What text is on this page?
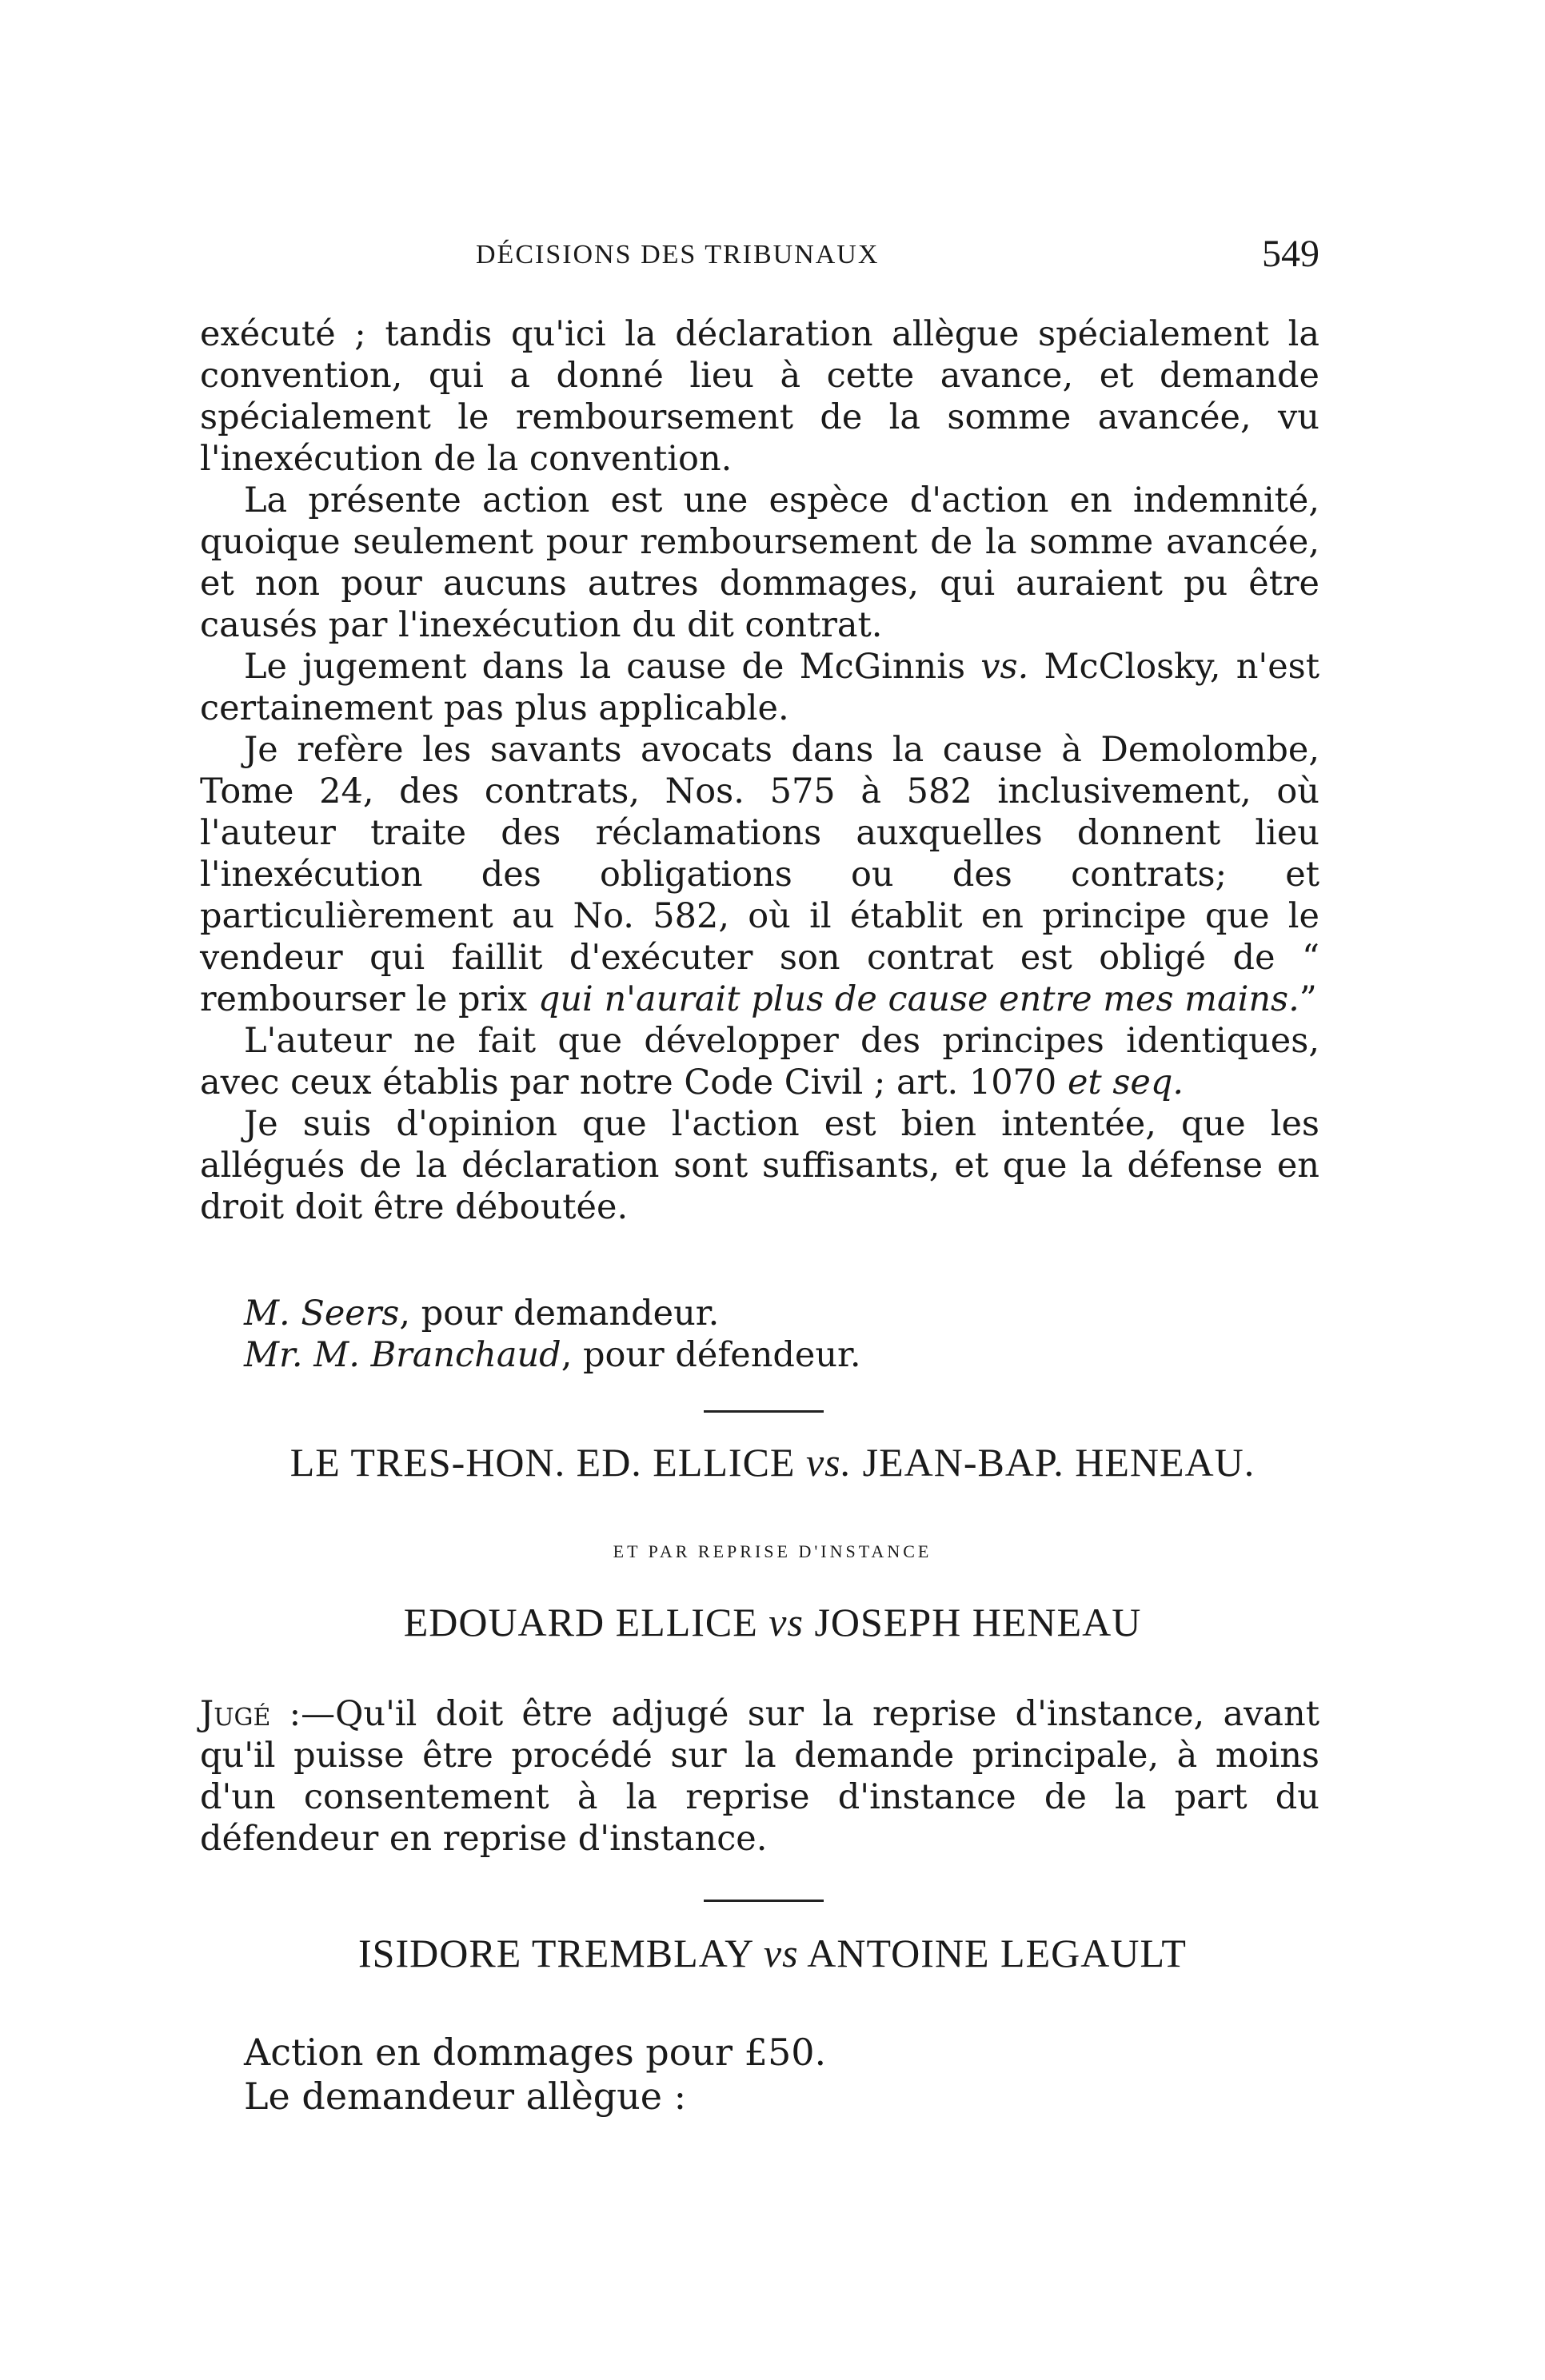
DÉCISIONS DES TRIBUNAUX	549

exécuté ; tandis qu'ici la déclaration allègue spécialement la convention, qui a donné lieu à cette avance, et demande spécialement le remboursement de la somme avancée, vu l'inexécution de la convention.

La présente action est une espèce d'action en indemnité, quoique seulement pour remboursement de la somme avancée, et non pour aucuns autres dommages, qui auraient pu être causés par l'inexécution du dit contrat.

Le jugement dans la cause de McGinnis vs. McClosky, n'est certainement pas plus applicable.

Je refère les savants avocats dans la cause à Demolombe, Tome 24, des contrats, Nos. 575 à 582 inclusivement, où l'auteur traite des réclamations auxquelles donnent lieu l'inexécution des obligations ou des contrats; et particulièrement au No. 582, où il établit en principe que le vendeur qui faillit d'exécuter son contrat est obligé de “ rembourser le prix qui n'aurait plus de cause entre mes mains.”

L'auteur ne fait que développer des principes identiques, avec ceux établis par notre Code Civil ; art. 1070 et seq.

Je suis d'opinion que l'action est bien intentée, que les allégués de la déclaration sont suffisants, et que la défense en droit doit être déboutée.

M. Seers, pour demandeur.
Mr. M. Branchaud, pour défendeur.
LE TRES-HON. ED. ELLICE vs. JEAN-BAP. HENEAU.
ET PAR REPRISE D'INSTANCE
EDOUARD ELLICE vs JOSEPH HENEAU
Jugé :—Qu'il doit être adjugé sur la reprise d'instance, avant qu'il puisse être procédé sur la demande principale, à moins d'un consentement à la reprise d'instance de la part du défendeur en reprise d'instance.
ISIDORE TREMBLAY vs ANTOINE LEGAULT
Action en dommages pour £50.
Le demandeur allègue :
